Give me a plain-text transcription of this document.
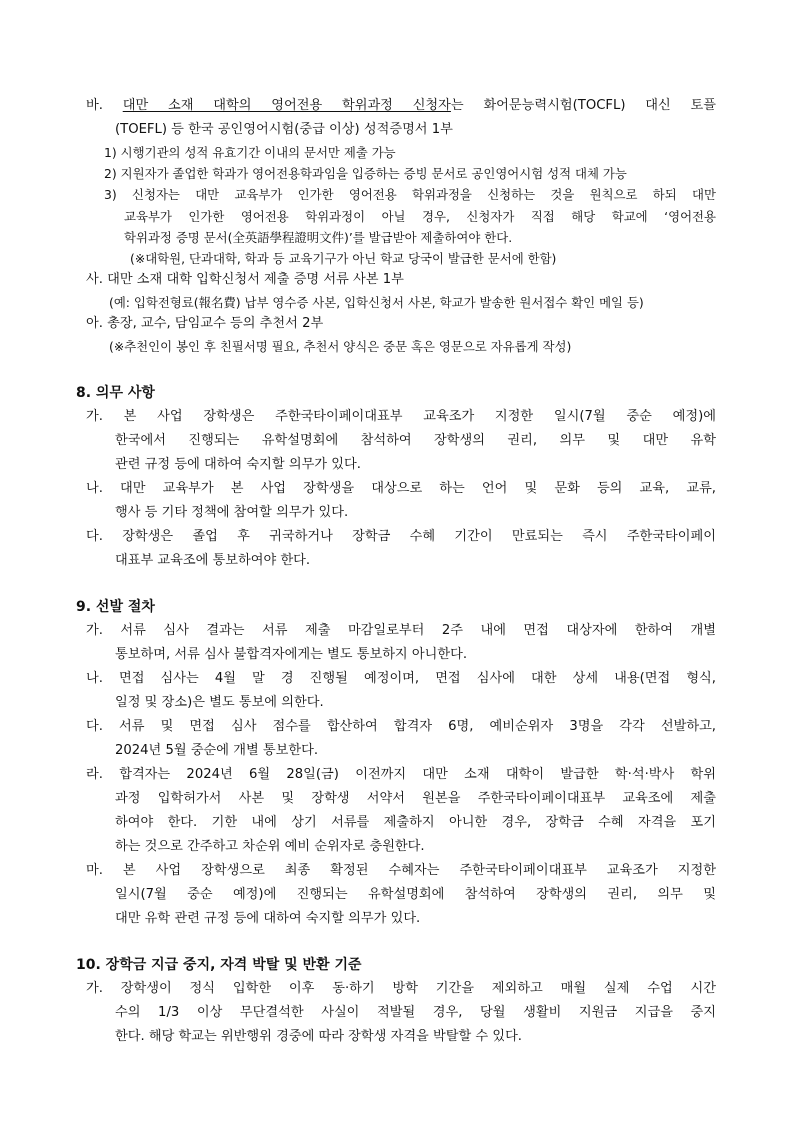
바. 대만 소재 대학의 영어전용 학위과정 신청자는 화어문능력시험(TOCFL) 대신 토플
(TOEFL) 등 한국 공인영어시험(중급 이상) 성적증명서 1부
1) 시행기관의 성적 유효기간 이내의 문서만 제출 가능
2) 지원자가 졸업한 학과가 영어전용학과임을 입증하는 증빙 문서로 공인영어시험 성적 대체 가능
3) 신청자는 대만 교육부가 인가한 영어전용 학위과정을 신청하는 것을 원칙으로 하되 대만
교육부가 인가한 영어전용 학위과정이 아닐 경우, 신청자가 직접 해당 학교에 ‘영어전용
학위과정 증명 문서(全英語學程證明文件)’를 발급받아 제출하여야 한다.
(※대학원, 단과대학, 학과 등 교육기구가 아닌 학교 당국이 발급한 문서에 한함)
사. 대만 소재 대학 입학신청서 제출 증명 서류 사본 1부
(예: 입학전형료(報名費) 납부 영수증 사본, 입학신청서 사본, 학교가 발송한 원서접수 확인 메일 등)
아. 총장, 교수, 담임교수 등의 추천서 2부
(※추천인이 봉인 후 친필서명 필요, 추천서 양식은 중문 혹은 영문으로 자유롭게 작성)
8. 의무 사항
가. 본 사업 장학생은 주한국타이페이대표부 교육조가 지정한 일시(7월 중순 예정)에
한국에서 진행되는 유학설명회에 참석하여 장학생의 권리, 의무 및 대만 유학
관련 규정 등에 대하여 숙지할 의무가 있다.
나. 대만 교육부가 본 사업 장학생을 대상으로 하는 언어 및 문화 등의 교육, 교류,
행사 등 기타 정책에 참여할 의무가 있다.
다. 장학생은 졸업 후 귀국하거나 장학금 수혜 기간이 만료되는 즉시 주한국타이페이
대표부 교육조에 통보하여야 한다.
9. 선발 절차
가. 서류 심사 결과는 서류 제출 마감일로부터 2주 내에 면접 대상자에 한하여 개별
통보하며, 서류 심사 불합격자에게는 별도 통보하지 아니한다.
나. 면접 심사는 4월 말 경 진행될 예정이며, 면접 심사에 대한 상세 내용(면접 형식,
일정 및 장소)은 별도 통보에 의한다.
다. 서류 및 면접 심사 점수를 합산하여 합격자 6명, 예비순위자 3명을 각각 선발하고,
2024년 5월 중순에 개별 통보한다.
라. 합격자는 2024년 6월 28일(금) 이전까지 대만 소재 대학이 발급한 학·석·박사 학위
과정 입학허가서 사본 및 장학생 서약서 원본을 주한국타이페이대표부 교육조에 제출
하여야 한다. 기한 내에 상기 서류를 제출하지 아니한 경우, 장학금 수혜 자격을 포기
하는 것으로 간주하고 차순위 예비 순위자로 충원한다.
마. 본 사업 장학생으로 최종 확정된 수혜자는 주한국타이페이대표부 교육조가 지정한
일시(7월 중순 예정)에 진행되는 유학설명회에 참석하여 장학생의 권리, 의무 및
대만 유학 관련 규정 등에 대하여 숙지할 의무가 있다.
10. 장학금 지급 중지, 자격 박탈 및 반환 기준
가. 장학생이 정식 입학한 이후 동·하기 방학 기간을 제외하고 매월 실제 수업 시간
수의 1/3 이상 무단결석한 사실이 적발될 경우, 당월 생활비 지원금 지급을 중지
한다. 해당 학교는 위반행위 경중에 따라 장학생 자격을 박탈할 수 있다.
